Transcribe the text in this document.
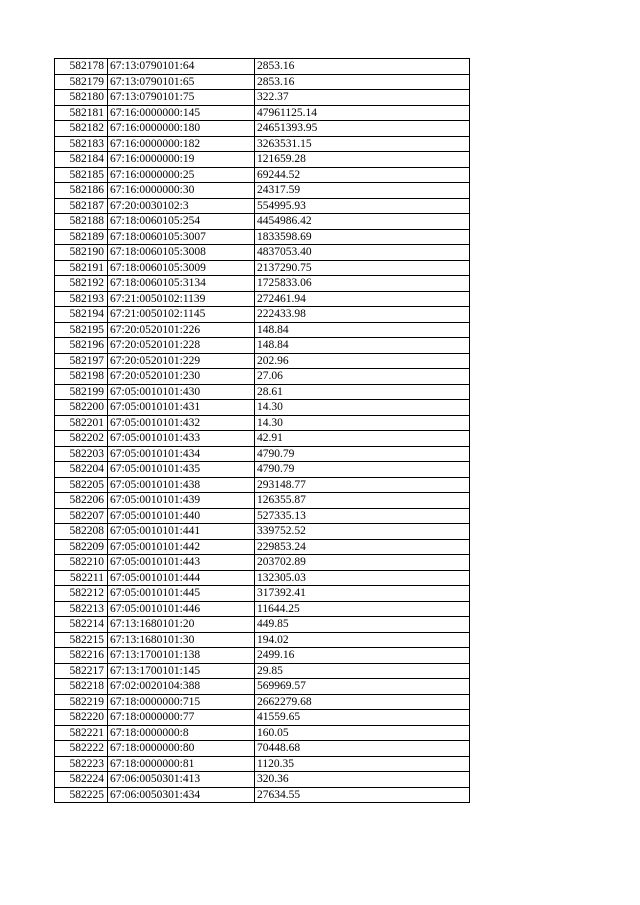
582178	67:13:0790101:64	2853.16
582179	67:13:0790101:65	2853.16
582180	67:13:0790101:75	322.37
582181	67:16:0000000:145	47961125.14
582182	67:16:0000000:180	24651393.95
582183	67:16:0000000:182	3263531.15
582184	67:16:0000000:19	121659.28
582185	67:16:0000000:25	69244.52
582186	67:16:0000000:30	24317.59
582187	67:20:0030102:3	554995.93
582188	67:18:0060105:254	4454986.42
582189	67:18:0060105:3007	1833598.69
582190	67:18:0060105:3008	4837053.40
582191	67:18:0060105:3009	2137290.75
582192	67:18:0060105:3134	1725833.06
582193	67:21:0050102:1139	272461.94
582194	67:21:0050102:1145	222433.98
582195	67:20:0520101:226	148.84
582196	67:20:0520101:228	148.84
582197	67:20:0520101:229	202.96
582198	67:20:0520101:230	27.06
582199	67:05:0010101:430	28.61
582200	67:05:0010101:431	14.30
582201	67:05:0010101:432	14.30
582202	67:05:0010101:433	42.91
582203	67:05:0010101:434	4790.79
582204	67:05:0010101:435	4790.79
582205	67:05:0010101:438	293148.77
582206	67:05:0010101:439	126355.87
582207	67:05:0010101:440	527335.13
582208	67:05:0010101:441	339752.52
582209	67:05:0010101:442	229853.24
582210	67:05:0010101:443	203702.89
582211	67:05:0010101:444	132305.03
582212	67:05:0010101:445	317392.41
582213	67:05:0010101:446	11644.25
582214	67:13:1680101:20	449.85
582215	67:13:1680101:30	194.02
582216	67:13:1700101:138	2499.16
582217	67:13:1700101:145	29.85
582218	67:02:0020104:388	569969.57
582219	67:18:0000000:715	2662279.68
582220	67:18:0000000:77	41559.65
582221	67:18:0000000:8	160.05
582222	67:18:0000000:80	70448.68
582223	67:18:0000000:81	1120.35
582224	67:06:0050301:413	320.36
582225	67:06:0050301:434	27634.55
